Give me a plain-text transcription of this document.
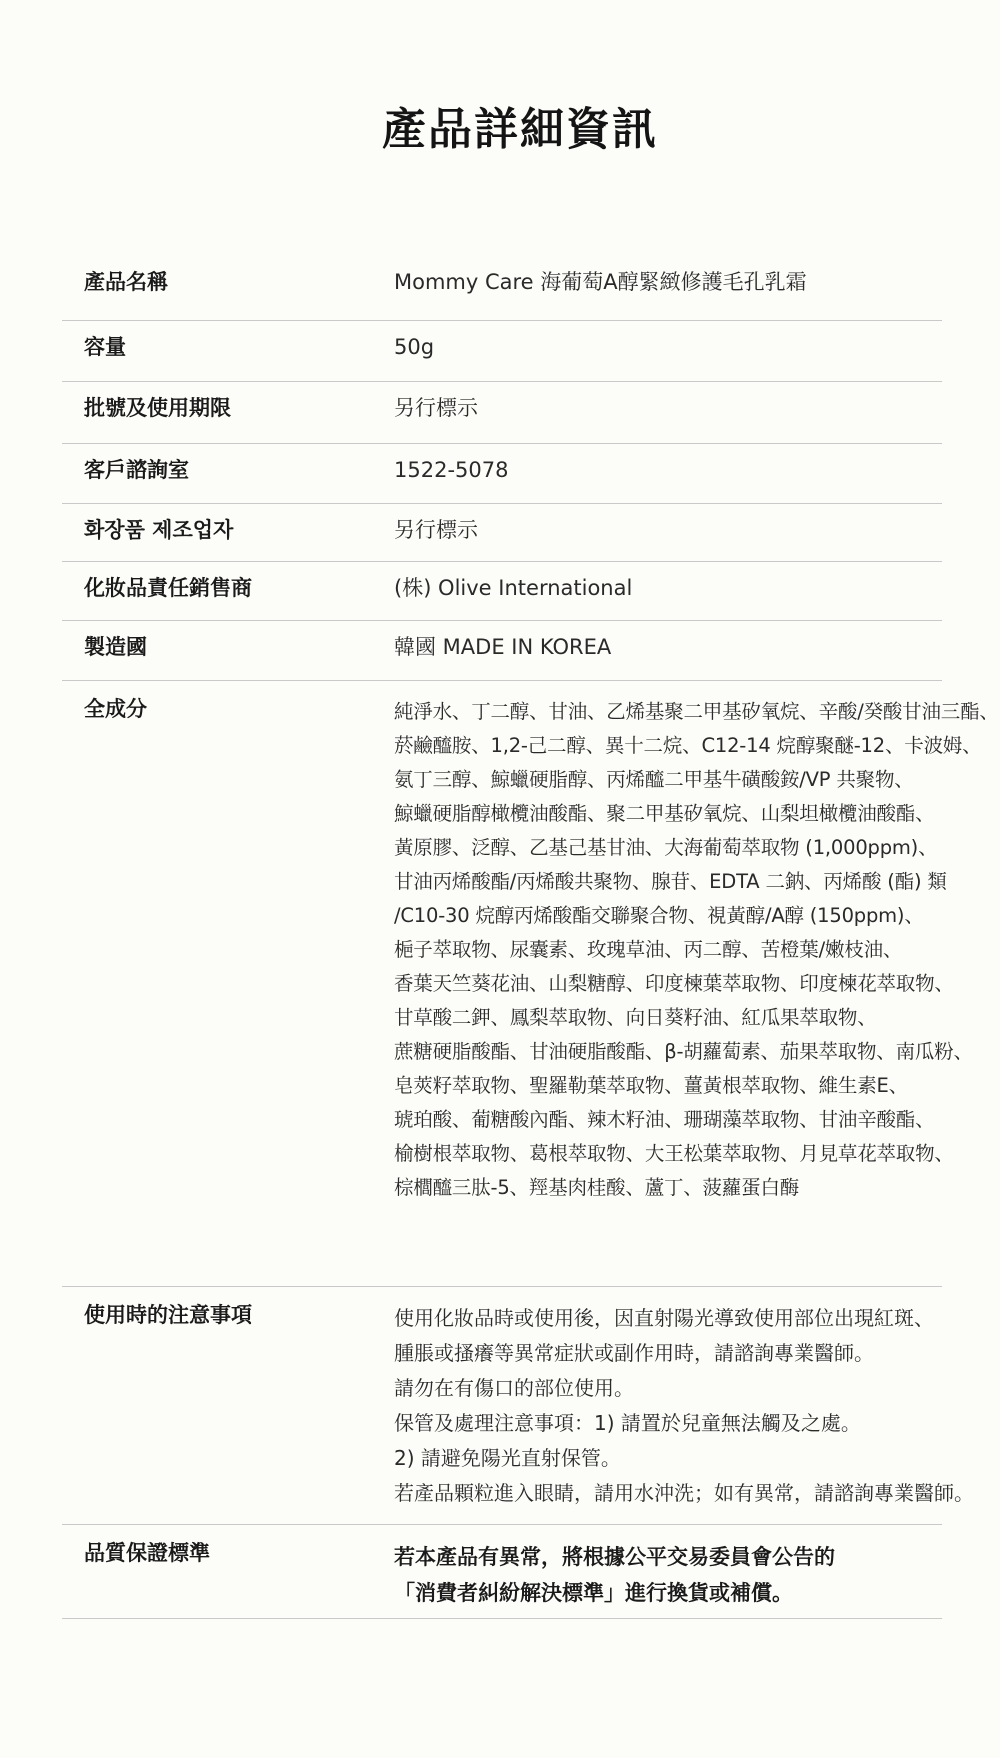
產品詳細資訊
產品名稱	Mommy Care 海葡萄A醇緊緻修護毛孔乳霜
容量	50g
批號及使用期限	另行標示
客戶諮詢室	1522-5078
화장품 제조업자	另行標示
化妝品責任銷售商	(株) Olive International
製造國	韓國 MADE IN KOREA
全成分	純淨水、丁二醇、甘油、乙烯基聚二甲基矽氧烷、辛酸/癸酸甘油三酯、
菸鹼醯胺、1,2-己二醇、異十二烷、C12-14 烷醇聚醚-12、卡波姆、
氨丁三醇、鯨蠟硬脂醇、丙烯醯二甲基牛磺酸銨/VP 共聚物、
鯨蠟硬脂醇橄欖油酸酯、聚二甲基矽氧烷、山梨坦橄欖油酸酯、
黃原膠、泛醇、乙基己基甘油、大海葡萄萃取物 (1,000ppm)、
甘油丙烯酸酯/丙烯酸共聚物、腺苷、EDTA 二鈉、丙烯酸 (酯) 類
/C10-30 烷醇丙烯酸酯交聯聚合物、視黃醇/A醇 (150ppm)、
梔子萃取物、尿囊素、玫瑰草油、丙二醇、苦橙葉/嫩枝油、
香葉天竺葵花油、山梨糖醇、印度楝葉萃取物、印度楝花萃取物、
甘草酸二鉀、鳳梨萃取物、向日葵籽油、紅瓜果萃取物、
蔗糖硬脂酸酯、甘油硬脂酸酯、β-胡蘿蔔素、茄果萃取物、南瓜粉、
皂莢籽萃取物、聖羅勒葉萃取物、薑黃根萃取物、維生素E、
琥珀酸、葡糖酸內酯、辣木籽油、珊瑚藻萃取物、甘油辛酸酯、
榆樹根萃取物、葛根萃取物、大王松葉萃取物、月見草花萃取物、
棕櫚醯三肽-5、羥基肉桂酸、蘆丁、菠蘿蛋白酶
使用時的注意事項	使用化妝品時或使用後，因直射陽光導致使用部位出現紅斑、
腫脹或搔癢等異常症狀或副作用時，請諮詢專業醫師。
請勿在有傷口的部位使用。
保管及處理注意事項：1) 請置於兒童無法觸及之處。
2) 請避免陽光直射保管。
若產品顆粒進入眼睛，請用水沖洗；如有異常，請諮詢專業醫師。
品質保證標準	若本產品有異常，將根據公平交易委員會公告的
「消費者糾紛解決標準」進行換貨或補償。
